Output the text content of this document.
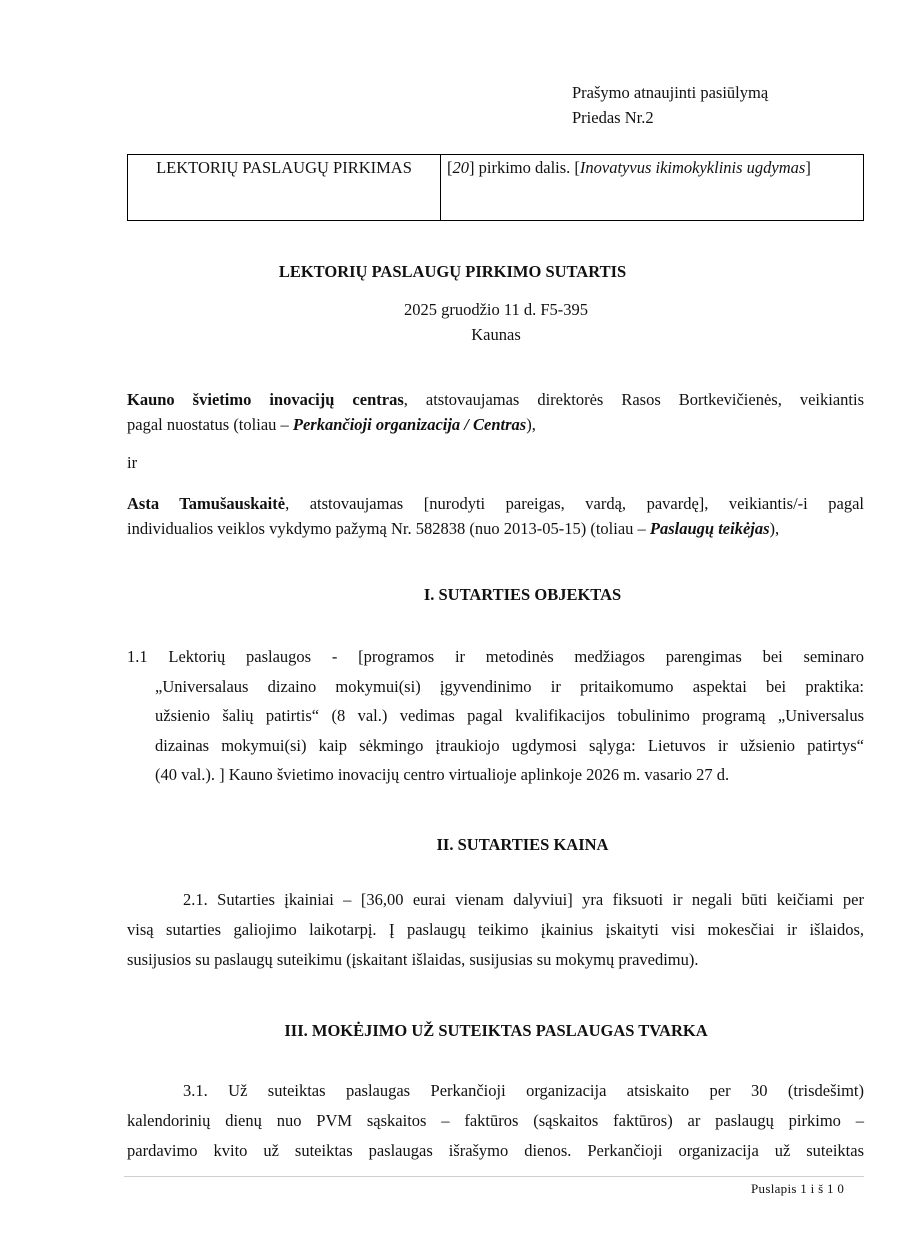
Prašymo atnaujinti pasiūlymą
Priedas Nr.2
LEKTORIŲ PASLAUGŲ PIRKIMAS	[20] pirkimo dalis. [Inovatyvus ikimokyklinis ugdymas]
LEKTORIŲ PASLAUGŲ PIRKIMO SUTARTIS
2025 gruodžio 11 d. F5-395
Kaunas
Kauno švietimo inovacijų centras, atstovaujamas direktorės Rasos Bortkevičienės, veikiantis
pagal nuostatus (toliau – Perkančioji organizacija / Centras),
ir
Asta Tamušauskaitė, atstovaujamas [nurodyti pareigas, vardą, pavardę], veikiantis/-i pagal
individualios veiklos vykdymo pažymą Nr. 582838 (nuo 2013-05-15) (toliau – Paslaugų teikėjas),
I. SUTARTIES OBJEKTAS
1.1 Lektorių paslaugos - [programos ir metodinės medžiagos parengimas bei seminaro
„Universalaus dizaino mokymui(si) įgyvendinimo ir pritaikomumo aspektai bei praktika:
užsienio šalių patirtis“ (8 val.) vedimas pagal kvalifikacijos tobulinimo programą „Universalus
dizainas mokymui(si) kaip sėkmingo įtraukiojo ugdymosi sąlyga: Lietuvos ir užsienio patirtys“
(40 val.). ] Kauno švietimo inovacijų centro virtualioje aplinkoje 2026 m. vasario 27 d.
II. SUTARTIES KAINA
2.1. Sutarties įkainiai – [36,00 eurai vienam dalyviui] yra fiksuoti ir negali būti keičiami per
visą sutarties galiojimo laikotarpį. Į paslaugų teikimo įkainius įskaityti visi mokesčiai ir išlaidos,
susijusios su paslaugų suteikimu (įskaitant išlaidas, susijusias su mokymų pravedimu).
III. MOKĖJIMO UŽ SUTEIKTAS PASLAUGAS TVARKA
3.1. Už suteiktas paslaugas Perkančioji organizacija atsiskaito per 30 (trisdešimt)
kalendorinių dienų nuo PVM sąskaitos – faktūros (sąskaitos faktūros) ar paslaugų pirkimo –
pardavimo kvito už suteiktas paslaugas išrašymo dienos. Perkančioji organizacija už suteiktas
Puslapis 1 i š 1 0
